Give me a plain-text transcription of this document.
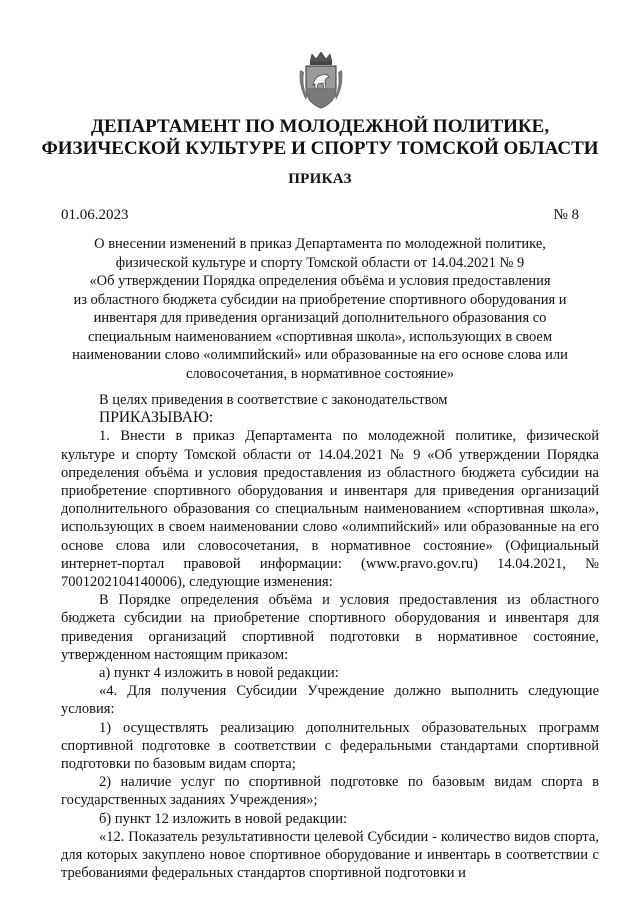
ДЕПАРТАМЕНТ ПО МОЛОДЕЖНОЙ ПОЛИТИКЕ,
ФИЗИЧЕСКОЙ КУЛЬТУРЕ И СПОРТУ ТОМСКОЙ ОБЛАСТИ
ПРИКАЗ
01.06.2023	№ 8
О внесении изменений в приказ Департамента по молодежной политике,
физической культуре и спорту Томской области от 14.04.2021 № 9
«Об утверждении Порядка определения объёма и условия предоставления
из областного бюджета субсидии на приобретение спортивного оборудования и
инвентаря для приведения организаций дополнительного образования со
специальным наименованием «спортивная школа», использующих в своем
наименовании слово «олимпийский» или образованные на его основе слова или
словосочетания, в нормативное состояние»

В целях приведения в соответствие с законодательством

ПРИКАЗЫВАЮ:

1. Внести в приказ Департамента по молодежной политике, физической культуре и спорту Томской области от 14.04.2021 № 9 «Об утверждении Порядка определения объёма и условия предоставления из областного бюджета субсидии на приобретение спортивного оборудования и инвентаря для приведения организаций дополнительного образования со специальным наименованием «спортивная школа», использующих в своем наименовании слово «олимпийский» или образованные на его основе слова или словосочетания, в нормативное состояние» (Официальный интернет-портал правовой информации: (www.pravo.gov.ru) 14.04.2021, № 7001202104140006), следующие изменения:

В Порядке определения объёма и условия предоставления из областного бюджета субсидии на приобретение спортивного оборудования и инвентаря для приведения организаций спортивной подготовки в нормативное состояние, утвержденном настоящим приказом:

а) пункт 4 изложить в новой редакции:

«4. Для получения Субсидии Учреждение должно выполнить следующие условия:

1) осуществлять реализацию дополнительных образовательных программ спортивной подготовке в соответствии с федеральными стандартами спортивной подготовки по базовым видам спорта;

2) наличие услуг по спортивной подготовке по базовым видам спорта в государственных заданиях Учреждения»;

б) пункт 12 изложить в новой редакции:

«12. Показатель результативности целевой Субсидии - количество видов спорта, для которых закуплено новое спортивное оборудование и инвентарь в соответствии с требованиями федеральных стандартов спортивной подготовки и
